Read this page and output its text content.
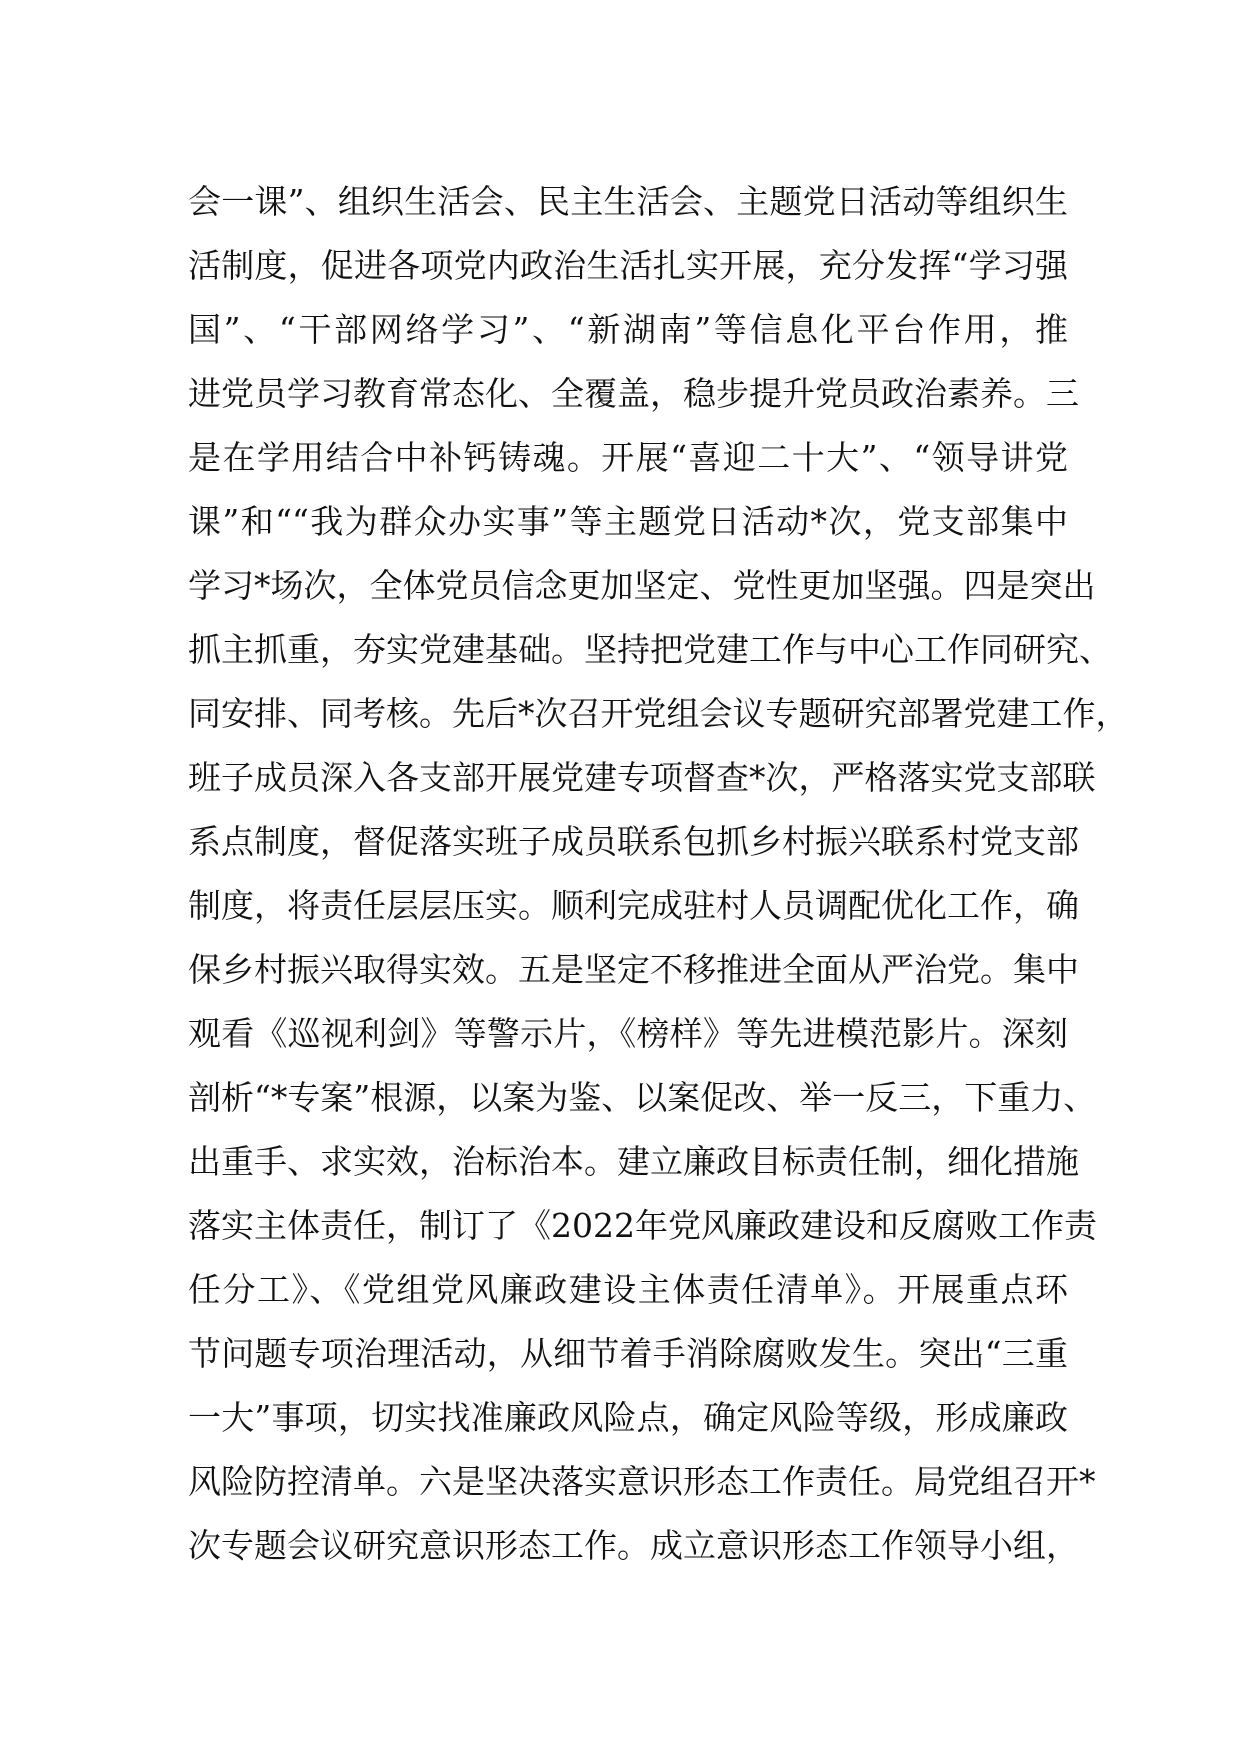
会一课”、组织生活会、民主生活会、主题党日活动等组织生
活制度，促进各项党内政治生活扎实开展，充分发挥“学习强
国”、“干部网络学习”、“新湖南”等信息化平台作用，推
进党员学习教育常态化、全覆盖，稳步提升党员政治素养。三
是在学用结合中补钙铸魂。开展“喜迎二十大”、“领导讲党
课”和““我为群众办实事”等主题党日活动*次，党支部集中
学习*场次，全体党员信念更加坚定、党性更加坚强。四是突出
抓主抓重，夯实党建基础。坚持把党建工作与中心工作同研究、
同安排、同考核。先后*次召开党组会议专题研究部署党建工作，
班子成员深入各支部开展党建专项督查*次，严格落实党支部联
系点制度，督促落实班子成员联系包抓乡村振兴联系村党支部
制度，将责任层层压实。顺利完成驻村人员调配优化工作，确
保乡村振兴取得实效。五是坚定不移推进全面从严治党。集中
观看《巡视利剑》等警示片，《榜样》等先进模范影片。深刻
剖析“*专案”根源，以案为鉴、以案促改、举一反三，下重力、
出重手、求实效，治标治本。建立廉政目标责任制，细化措施
落实主体责任，制订了《2022年党风廉政建设和反腐败工作责
任分工》、《党组党风廉政建设主体责任清单》。开展重点环
节问题专项治理活动，从细节着手消除腐败发生。突出“三重
一大”事项，切实找准廉政风险点，确定风险等级，形成廉政
风险防控清单。六是坚决落实意识形态工作责任。局党组召开*
次专题会议研究意识形态工作。成立意识形态工作领导小组，
